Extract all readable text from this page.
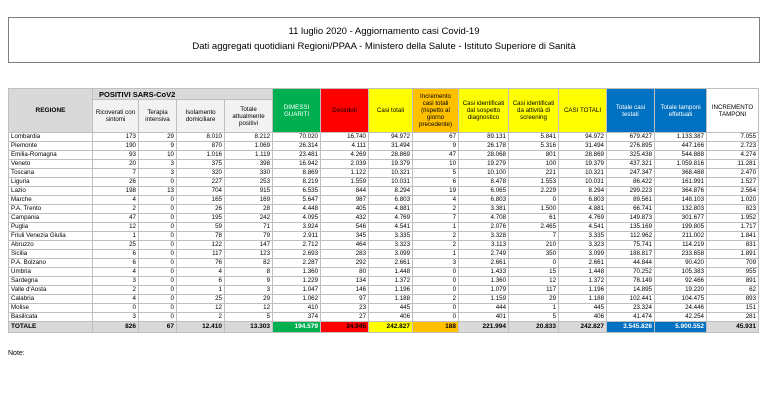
11 luglio 2020 - Aggiornamento casi Covid-19
Dati aggregati quotidiani Regioni/PPAA - Ministero della Salute - Istituto Superiore di Sanità
REGIONE	POSITIVI SARS-CoV2				DIMESSI GUARITI	Deceduti	Casi totali	Incremento casi totali (rispetto al giorno precedente)	Casi identificati dal sospetto diagnostico	Casi identificati da attività di screening	CASI TOTALI	Totale casi testati	Totale tamponi effettuati	INCREMENTO TAMPONI
	Ricoverati con sintomi	Terapia intensiva	Isolamento domiciliare	Totale attualmente positivi										
Lombardia	173	29	8.010	8.212	70.020	16.740	94.972	67	89.131	5.841	94.972	679.427	1.133.387	7.055
Piemonte	190	9	870	1.069	26.314	4.111	31.494	9	26.178	5.316	31.494	276.895	447.166	2.723
Emilia-Romagna	93	10	1.016	1.119	23.481	4.269	28.869	47	28.068	801	28.869	325.438	544.888	4.274
Veneto	20	3	375	398	16.942	2.039	19.379	10	19.279	100	19.379	437.321	1.059.816	11.281
Toscana	7	3	320	330	8.869	1.122	10.321	5	10.100	221	10.321	247.347	368.488	2.470
Liguria	26	0	227	253	8.219	1.559	10.031	6	8.478	1.553	10.031	86.422	161.991	1.527
Lazio	198	13	704	915	6.535	844	8.294	19	6.065	2.229	8.294	299.223	364.876	2.564
Marche	4	0	165	169	5.647	987	6.803	4	6.803	0	6.803	89.561	148.103	1.020
P.A. Trento	2	0	26	28	4.448	405	4.881	2	3.381	1.500	4.881	66.741	132.803	823
Campania	47	0	195	242	4.095	432	4.769	7	4.708	61	4.769	149.873	301.677	1.952
Puglia	12	0	59	71	3.924	546	4.541	1	2.076	2.465	4.541	135.169	199.805	1.717
Friuli Venezia Giulia	1	0	78	79	2.911	345	3.335	2	3.328	7	3.335	112.962	211.002	1.841
Abruzzo	25	0	122	147	2.712	464	3.323	2	3.113	210	3.323	75.741	114.219	831
Sicilia	6	0	117	123	2.693	283	3.099	1	2.749	350	3.099	188.817	233.658	1.891
P.A. Bolzano	6	0	76	82	2.287	292	2.661	3	2.661	0	2.661	44.844	90.420	709
Umbria	4	0	4	8	1.360	80	1.448	0	1.433	15	1.448	70.252	105.383	955
Sardegna	3	0	6	9	1.229	134	1.372	0	1.360	12	1.372	78.149	92.466	891
Valle d'Aosta	2	0	1	3	1.047	146	1.196	0	1.079	117	1.196	14.895	19.220	62
Calabria	4	0	25	29	1.062	97	1.188	2	1.159	29	1.188	102.441	104.475	893
Molise	0	0	12	12	410	23	445	0	444	1	445	23.324	24.446	151
Basilicata	3	0	2	5	374	27	406	0	401	5	406	41.474	42.254	281
TOTALE	826	67	12.410	13.303	194.579	34.945	242.827	188	221.994	20.833	242.827	3.545.826	5.900.552	45.931
Note:
